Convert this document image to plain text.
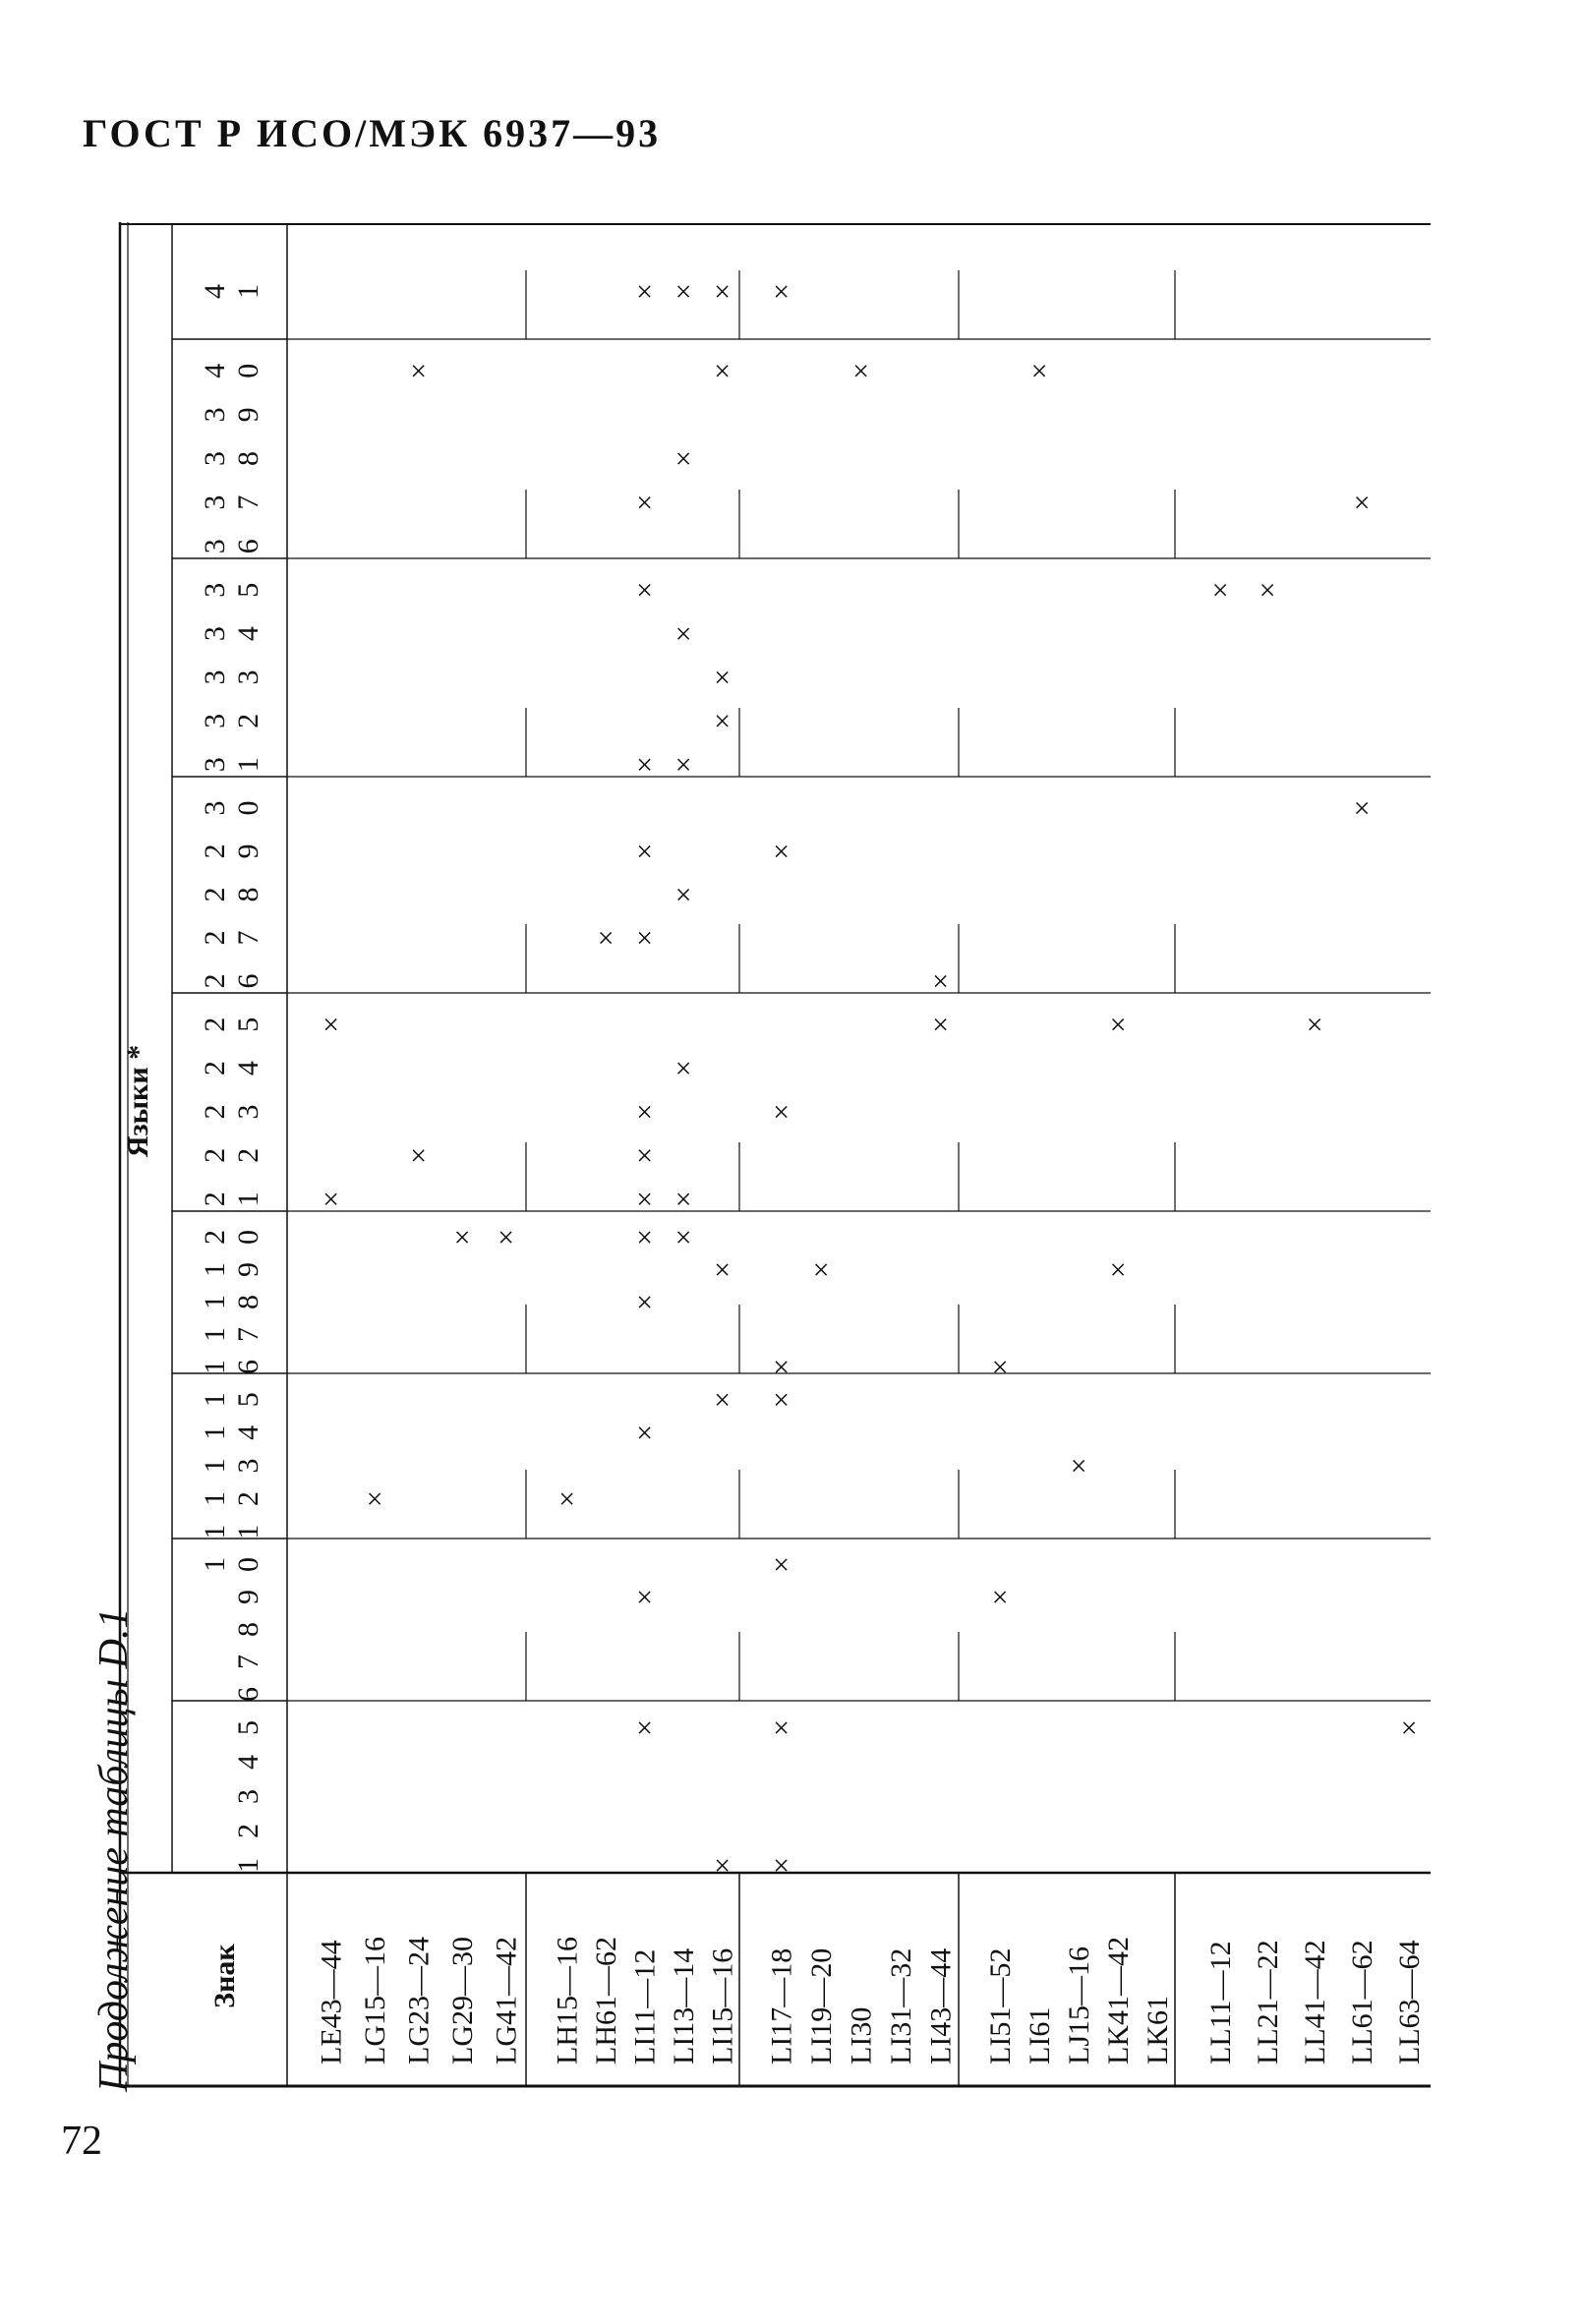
ГОСТ Р ИСО/МЭК 6937—93
Языки *
Знак
1
2
3
4
5
6
7
8
9
1 0
1 1
1 2
1 3
1 4
1 5
1 6
1 7
1 8
1 9
2 0
2 1
2 2
2 3
2 4
2 5
2 6
2 7
2 8
2 9
3 0
3 1
3 2
3 3
3 4
3 5
3 6
3 7
3 8
3 9
4 0
4 1
LE43—44
×
×
LG15—16
×
LG23—24
×
×
LG29—30
×
LG41—42
×
LH15—16
×
LH61—62
×
LI11—12
×
×
×
×
×
×
×
×
×
×
×
×
×
×
LI13—14
×
×
×
×
×
×
×
×
LI15—16
×
×
×
×
×
×
×
LI17—18
×
×
×
×
×
×
×
×
LI19—20
×
LI30
×
LI31—32 LI43—44
×
×
LI51—52
×
×
LI61
×
LJ15—16
×
LK41—42
×
×
LK61 LL11—12
×
LL21—22
×
LL41—42
×
LL61—62
×
×
LL63—64
×
Продолжение таблицы D.1
72
